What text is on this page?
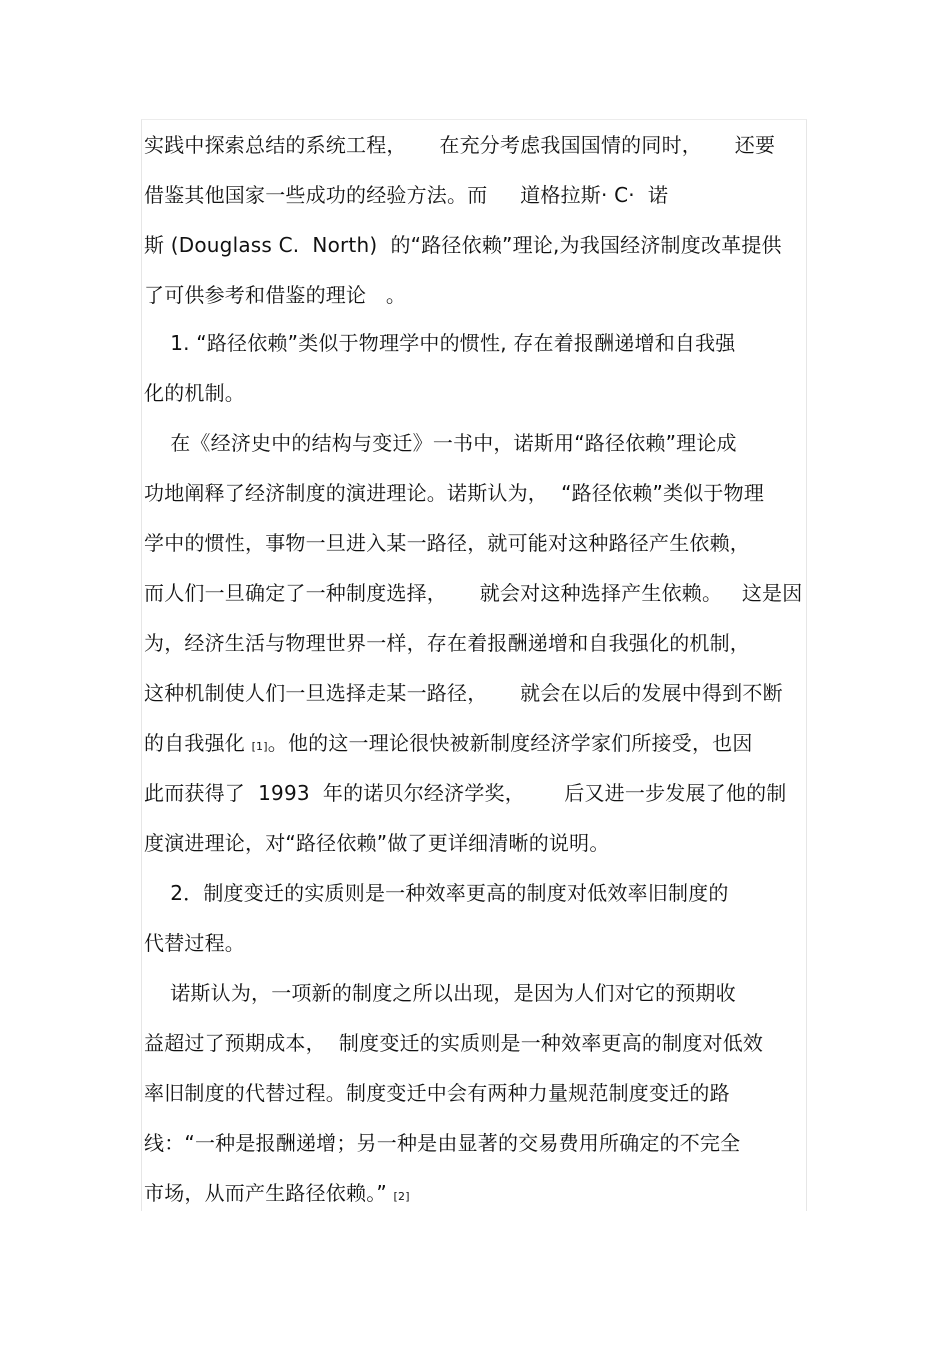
实践中探索总结的系统工程，     在充分考虑我国国情的同时，     还要
借鉴其他国家一些成功的经验方法。而     道格拉斯· C·  诺
斯 (Douglass C.  North)  的“路径依赖”理论,为我国经济制度改革提供
了可供参考和借鉴的理论   。
1. “路径依赖”类似于物理学中的惯性, 存在着报酬递增和自我强
化的机制。
在《经济史中的结构与变迁》一书中，诺斯用“路径依赖”理论成
功地阐释了经济制度的演进理论。诺斯认为，  “路径依赖”类似于物理
学中的惯性，事物一旦进入某一路径，就可能对这种路径产生依赖，
而人们一旦确定了一种制度选择，     就会对这种选择产生依赖。   这是因
为，经济生活与物理世界一样，存在着报酬递增和自我强化的机制，
这种机制使人们一旦选择走某一路径，     就会在以后的发展中得到不断
的自我强化 [1]。他的这一理论很快被新制度经济学家们所接受，也因
此而获得了  1993  年的诺贝尔经济学奖，      后又进一步发展了他的制
度演进理论，对“路径依赖”做了更详细清晰的说明。
2．制度变迁的实质则是一种效率更高的制度对低效率旧制度的
代替过程。
诺斯认为，一项新的制度之所以出现，是因为人们对它的预期收
益超过了预期成本，  制度变迁的实质则是一种效率更高的制度对低效
率旧制度的代替过程。制度变迁中会有两种力量规范制度变迁的路
线：“一种是报酬递增；另一种是由显著的交易费用所确定的不完全
市场，从而产生路径依赖。” [2]
